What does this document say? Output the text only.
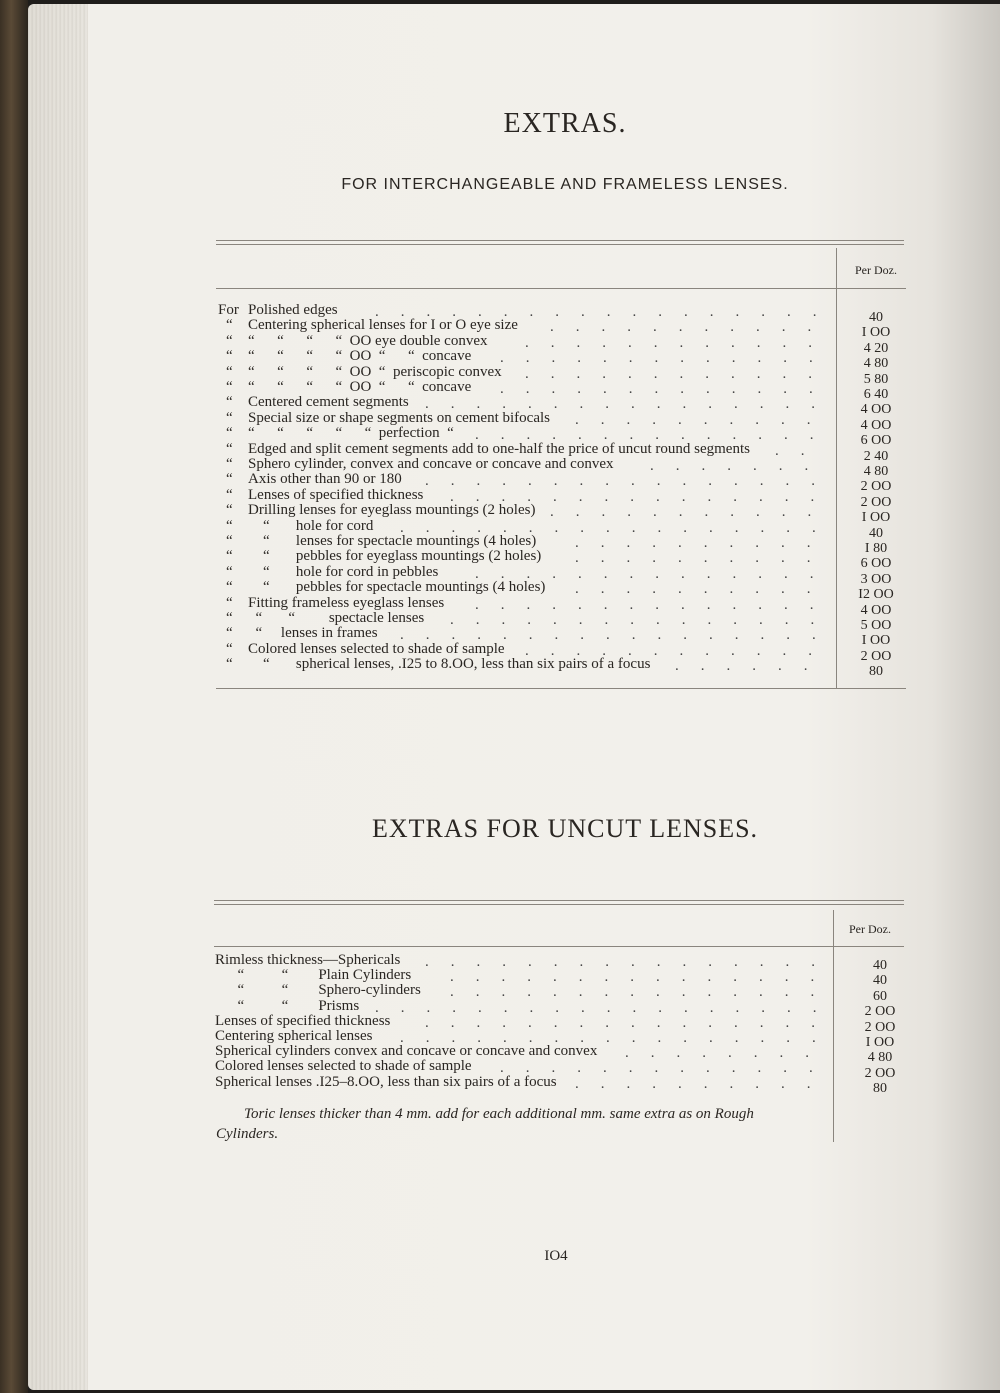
EXTRAS.
FOR INTERCHANGEABLE AND FRAMELESS LENSES.
Per Doz.
For Polished edges	40
..................
“ Centering spherical lenses for I or O eye size	I OO
...........
“ “      “      “      “  OO eye double convex	4 20
............
“ “      “      “      “  OO  “      “  concave	4 80
.............
“ “      “      “      “  OO  “  periscopic convex	5 80
............
“ “      “      “      “  OO  “      “  concave	6 40
.............
“ Centered cement segments	4 OO
................
“ Special size or shape segments on cement bifocals	4 OO
..........
“ “      “      “      “      “  perfection  “	6 OO
..............
“ Edged and split cement segments add to one-half the price of uncut round segments	2 40
..
“ Sphero cylinder, convex and concave or concave and convex	4 80
.......
“ Axis other than 90 or 180	2 OO
................
“ Lenses of specified thickness	2 OO
...............
“ Drilling lenses for eyeglass mountings (2 holes)	I OO
...........
“ “       hole for cord	40
.................
“ “       lenses for spectacle mountings (4 holes)	I 80
..........
“ “       pebbles for eyeglass mountings (2 holes)	6 OO
..........
“ “       hole for cord in pebbles	3 OO
..............
“ “       pebbles for spectacle mountings (4 holes)	I2 OO
..........
“ Fitting frameless eyeglass lenses	4 OO
..............
“ “       “         spectacle lenses	5 OO
...............
“ “     lenses in frames	I OO
.................
“ Colored lenses selected to shade of sample	2 OO
............
“ “       spherical lenses, .I25 to 8.OO, less than six pairs of a focus	80
......
EXTRAS FOR UNCUT LENSES.
Per Doz.
Rimless thickness—Sphericals	40
................
“          “        Plain Cylinders	40
...............
“          “        Sphero-cylinders	60
...............
“          “        Prisms	2 OO
..................
Lenses of specified thickness	2 OO
................
Centering spherical lenses	I OO
.................
Spherical cylinders convex and concave or concave and convex	4 80
........
Colored lenses selected to shade of sample	2 OO
.............
Spherical lenses .I25–8.OO, less than six pairs of a focus	80
..........
Toric lenses thicker than 4 mm. add for each additional mm. same extra as on Rough Cylinders.
IO4
